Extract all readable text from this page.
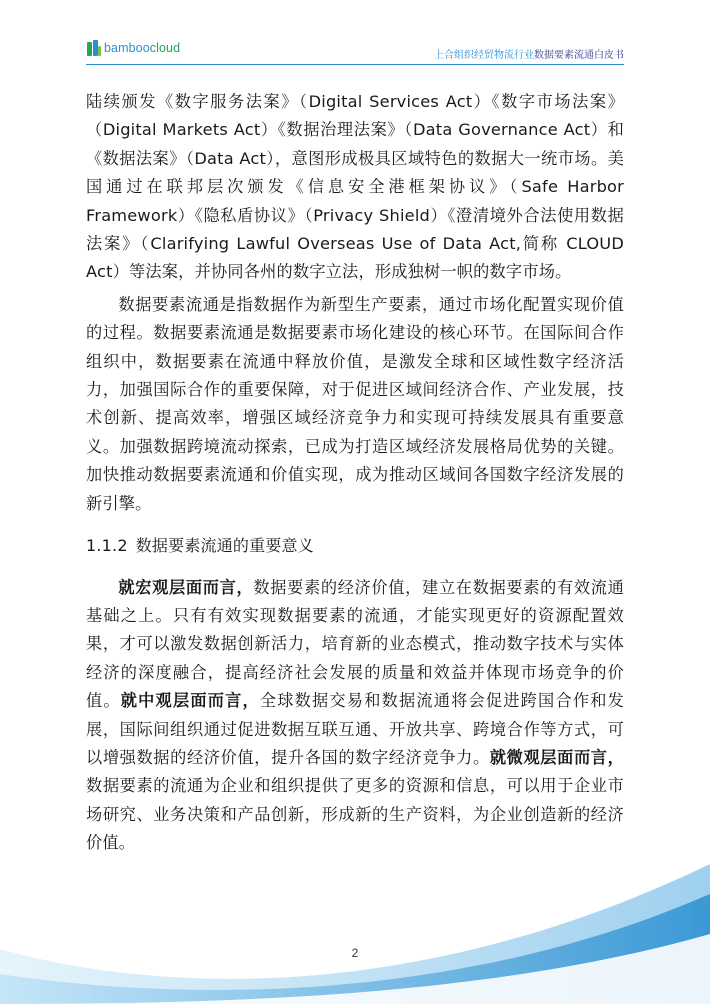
bamboocloud
上合组织经贸物流行业数据要素流通白皮书

陆续颁发《数字服务法案》（Digital Services Act）《数字市场法案》（Digital Markets Act）《数据治理法案》（Data Governance Act）和《数据法案》（Data Act），意图形成极具区域特色的数据大一统市场。美国通过在联邦层次颁发《信息安全港框架协议》（Safe Harbor Framework）《隐私盾协议》（Privacy Shield）《澄清境外合法使用数据法案》（Clarifying Lawful Overseas Use of Data Act,简称 CLOUD Act）等法案，并协同各州的数字立法，形成独树一帜的数字市场。

数据要素流通是指数据作为新型生产要素，通过市场化配置实现价值的过程。数据要素流通是数据要素市场化建设的核心环节。在国际间合作组织中，数据要素在流通中释放价值，是激发全球和区域性数字经济活力，加强国际合作的重要保障，对于促进区域间经济合作、产业发展，技术创新、提高效率，增强区域经济竞争力和实现可持续发展具有重要意义。加强数据跨境流动探索，已成为打造区域经济发展格局优势的关键。加快推动数据要素流通和价值实现，成为推动区域间各国数字经济发展的新引擎。

1.1.2 数据要素流通的重要意义

就宏观层面而言，数据要素的经济价值，建立在数据要素的有效流通基础之上。只有有效实现数据要素的流通，才能实现更好的资源配置效果，才可以激发数据创新活力，培育新的业态模式，推动数字技术与实体经济的深度融合，提高经济社会发展的质量和效益并体现市场竞争的价值。就中观层面而言，全球数据交易和数据流通将会促进跨国合作和发展，国际间组织通过促进数据互联互通、开放共享、跨境合作等方式，可以增强数据的经济价值，提升各国的数字经济竞争力。就微观层面而言，数据要素的流通为企业和组织提供了更多的资源和信息，可以用于企业市场研究、业务决策和产品创新，形成新的生产资料，为企业创造新的经济价值。

2
